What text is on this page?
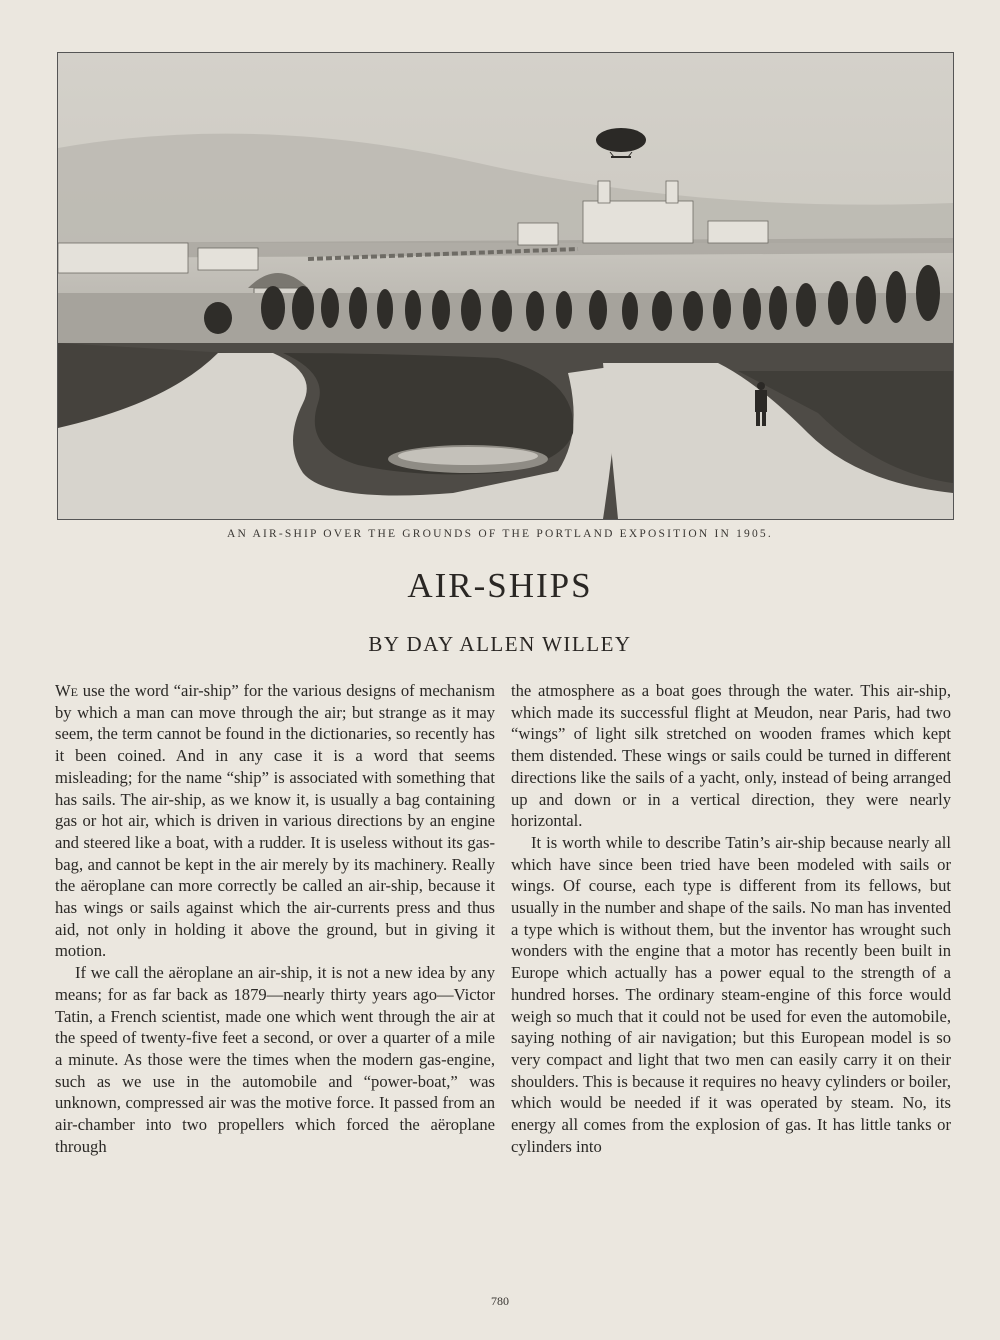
AN AIR-SHIP OVER THE GROUNDS OF THE PORTLAND EXPOSITION IN 1905.
AIR-SHIPS
BY DAY ALLEN WILLEY

We use the word “air-ship” for the various designs of mechanism by which a man can move through the air; but strange as it may seem, the term cannot be found in the dictionaries, so recently has it been coined. And in any case it is a word that seems misleading; for the name “ship” is associated with something that has sails. The air-ship, as we know it, is usually a bag containing gas or hot air, which is driven in various directions by an engine and steered like a boat, with a rudder. It is useless without its gas-bag, and cannot be kept in the air merely by its machinery. Really the aëroplane can more correctly be called an air-ship, because it has wings or sails against which the air-currents press and thus aid, not only in holding it above the ground, but in giving it motion.

If we call the aëroplane an air-ship, it is not a new idea by any means; for as far back as 1879—nearly thirty years ago—Victor Tatin, a French scientist, made one which went through the air at the speed of twenty-five feet a second, or over a quarter of a mile a minute. As those were the times when the modern gas-engine, such as we use in the automobile and “power-boat,” was unknown, compressed air was the motive force. It passed from an air-chamber into two propellers which forced the aëroplane through

the atmosphere as a boat goes through the water. This air-ship, which made its successful flight at Meudon, near Paris, had two “wings” of light silk stretched on wooden frames which kept them distended. These wings or sails could be turned in different directions like the sails of a yacht, only, instead of being arranged up and down or in a vertical direction, they were nearly horizontal.

It is worth while to describe Tatin’s air-ship because nearly all which have since been tried have been modeled with sails or wings. Of course, each type is different from its fellows, but usually in the number and shape of the sails. No man has invented a type which is without them, but the inventor has wrought such wonders with the engine that a motor has recently been built in Europe which actually has a power equal to the strength of a hundred horses. The ordinary steam-engine of this force would weigh so much that it could not be used for even the automobile, saying nothing of air navigation; but this European model is so very compact and light that two men can easily carry it on their shoulders. This is because it requires no heavy cylinders or boiler, which would be needed if it was operated by steam. No, its energy all comes from the explosion of gas. It has little tanks or cylinders into

780
